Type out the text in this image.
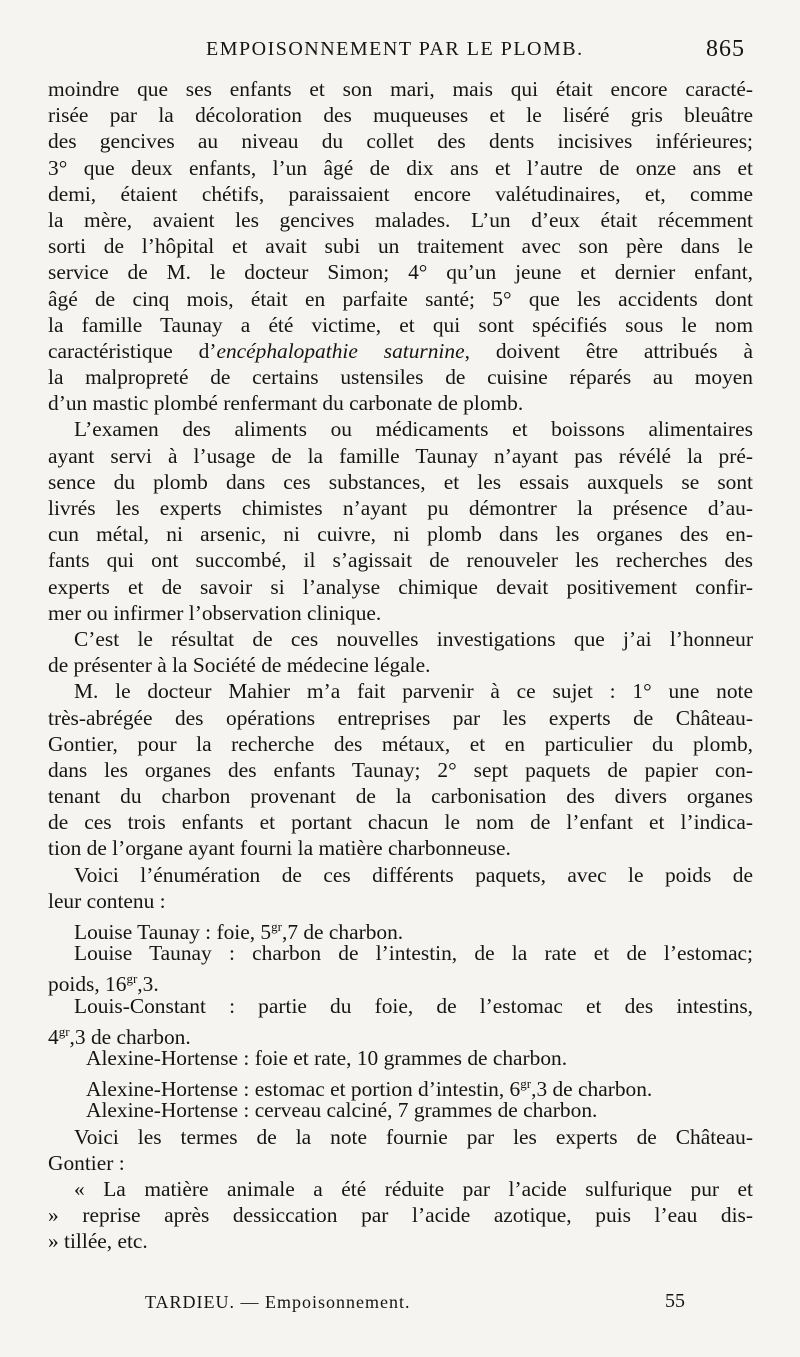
EMPOISONNEMENT PAR LE PLOMB.	865
moindre que ses enfants et son mari, mais qui était encore caracté-
risée par la décoloration des muqueuses et le liséré gris bleuâtre
des gencives au niveau du collet des dents incisives inférieures;
3° que deux enfants, l’un âgé de dix ans et l’autre de onze ans et
demi, étaient chétifs, paraissaient encore valétudinaires, et, comme
la mère, avaient les gencives malades. L’un d’eux était récemment
sorti de l’hôpital et avait subi un traitement avec son père dans le
service de M. le docteur Simon; 4° qu’un jeune et dernier enfant,
âgé de cinq mois, était en parfaite santé; 5° que les accidents dont
la famille Taunay a été victime, et qui sont spécifiés sous le nom
caractéristique d’encéphalopathie saturnine, doivent être attribués à
la malpropreté de certains ustensiles de cuisine réparés au moyen
d’un mastic plombé renfermant du carbonate de plomb.
L’examen des aliments ou médicaments et boissons alimentaires
ayant servi à l’usage de la famille Taunay n’ayant pas révélé la pré-
sence du plomb dans ces substances, et les essais auxquels se sont
livrés les experts chimistes n’ayant pu démontrer la présence d’au-
cun métal, ni arsenic, ni cuivre, ni plomb dans les organes des en-
fants qui ont succombé, il s’agissait de renouveler les recherches des
experts et de savoir si l’analyse chimique devait positivement confir-
mer ou infirmer l’observation clinique.
C’est le résultat de ces nouvelles investigations que j’ai l’honneur
de présenter à la Société de médecine légale.
M. le docteur Mahier m’a fait parvenir à ce sujet : 1° une note
très-abrégée des opérations entreprises par les experts de Château-
Gontier, pour la recherche des métaux, et en particulier du plomb,
dans les organes des enfants Taunay; 2° sept paquets de papier con-
tenant du charbon provenant de la carbonisation des divers organes
de ces trois enfants et portant chacun le nom de l’enfant et l’indica-
tion de l’organe ayant fourni la matière charbonneuse.
Voici l’énumération de ces différents paquets, avec le poids de
leur contenu :
Louise Taunay : foie, $5^{gr},7$ de charbon.
Louise Taunay : charbon de l’intestin, de la rate et de l’estomac;
poids, $16^{gr},3$.
Louis-Constant : partie du foie, de l’estomac et des intestins,
$4^{gr},3$ de charbon.
Alexine-Hortense : foie et rate, 10 grammes de charbon.
Alexine-Hortense : estomac et portion d’intestin, $6^{gr},3$ de charbon.
Alexine-Hortense : cerveau calciné, 7 grammes de charbon.
Voici les termes de la note fournie par les experts de Château-
Gontier :
« La matière animale a été réduite par l’acide sulfurique pur et
» reprise après dessiccation par l’acide azotique, puis l’eau dis-
» tillée, etc.
TARDIEU. — Empoisonnement.	55
